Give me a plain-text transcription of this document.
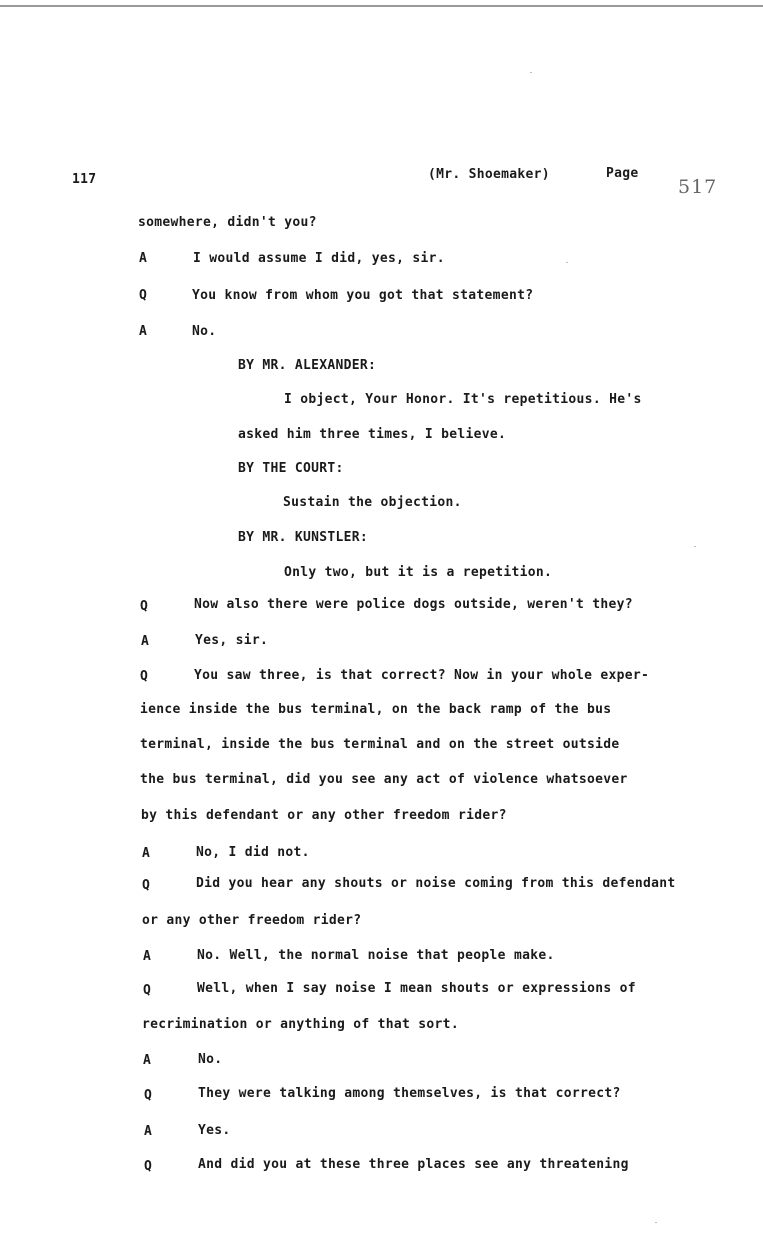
117	(Mr. Shoemaker)	Page
517
somewhere, didn't you?
A	I would assume I did, yes, sir.
Q	You know from whom you got that statement?
A	No.
BY MR. ALEXANDER:
I object, Your Honor. It's repetitious. He's
asked him three times, I believe.
BY THE COURT:
Sustain the objection.
BY MR. KUNSTLER:
Only two, but it is a repetition.
Q	Now also there were police dogs outside, weren't they?
A	Yes, sir.
Q	You saw three, is that correct? Now in your whole exper-
ience inside the bus terminal, on the back ramp of the bus
terminal, inside the bus terminal and on the street outside
the bus terminal, did you see any act of violence whatsoever
by this defendant or any other freedom rider?
A	No, I did not.
Q	Did you hear any shouts or noise coming from this defendant
or any other freedom rider?
A	No. Well, the normal noise that people make.
Q	Well, when I say noise I mean shouts or expressions of
recrimination or anything of that sort.
A	No.
Q	They were talking among themselves, is that correct?
A	Yes.
Q	And did you at these three places see any threatening
